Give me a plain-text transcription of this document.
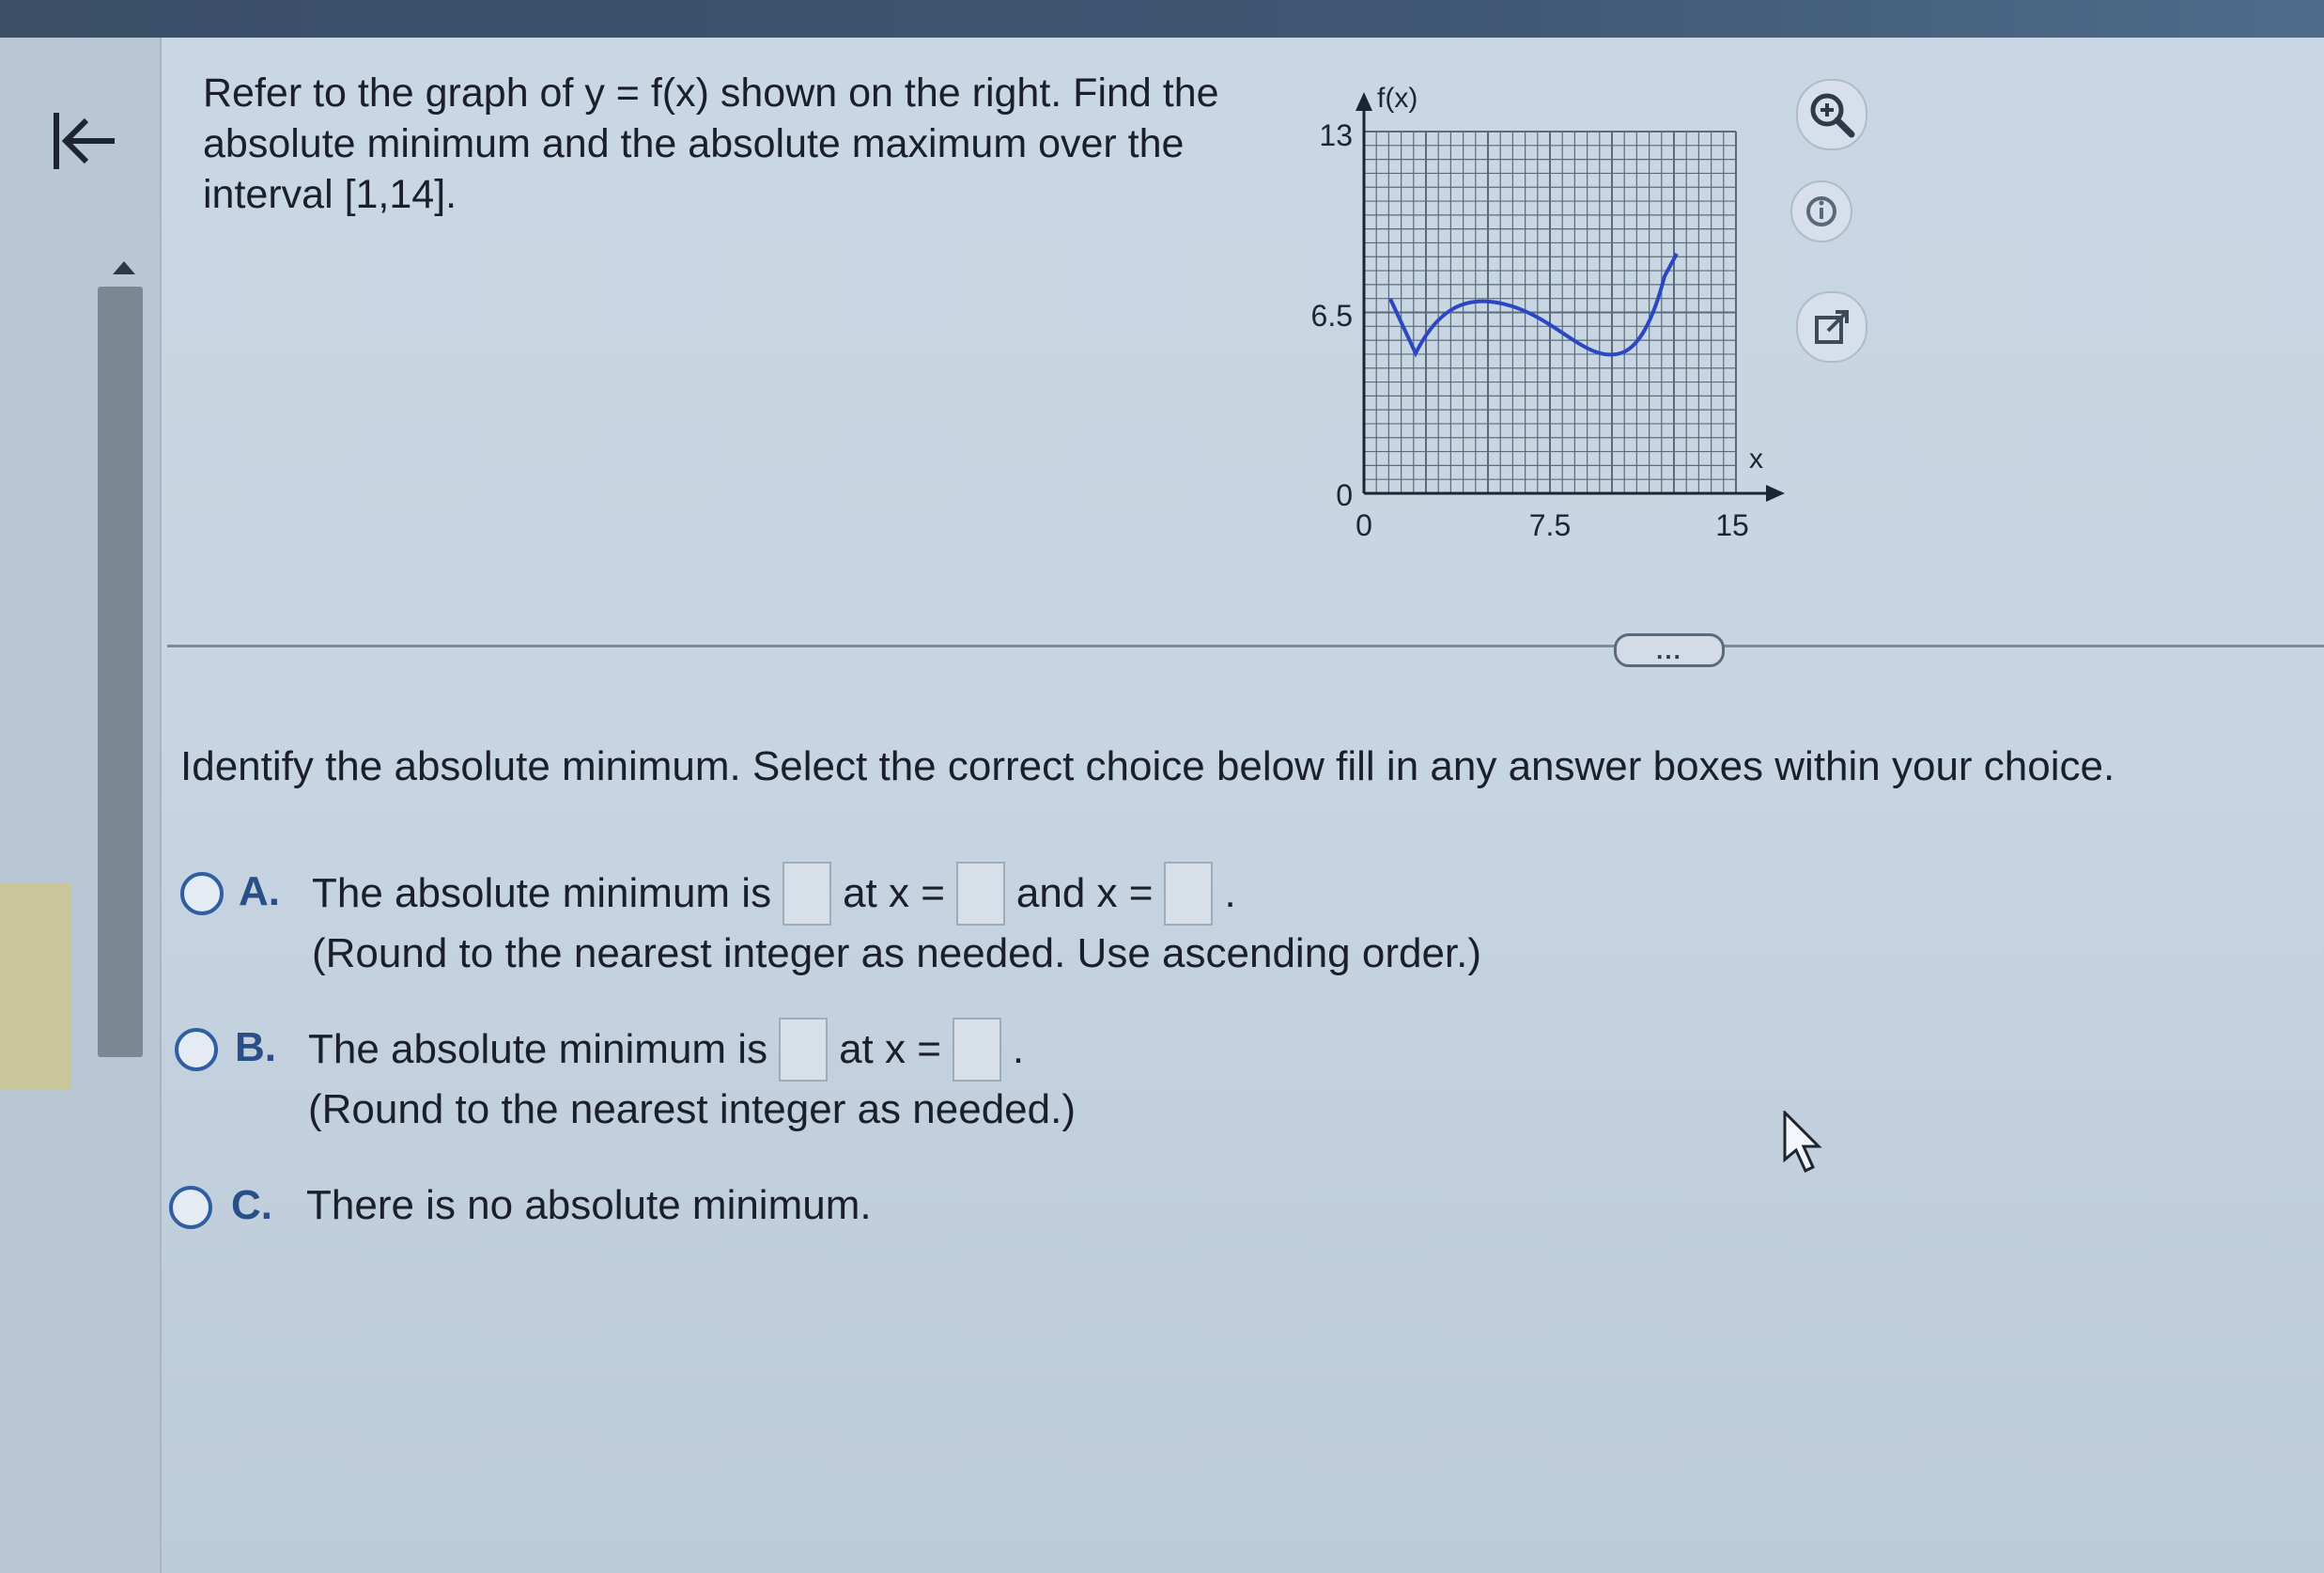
Refer to the graph of y = f(x) shown on the right. Find the
absolute minimum and the absolute maximum over the
interval [1,14].
f(x)
x
13
6.5
0
0	7.5	15
...
Identify the absolute minimum. Select the correct choice below fill in any answer boxes within your choice.
A. The absolute minimum is at x = and x = .
(Round to the nearest integer as needed. Use ascending order.)
B. The absolute minimum is at x = .
(Round to the nearest integer as needed.)
C. There is no absolute minimum.
